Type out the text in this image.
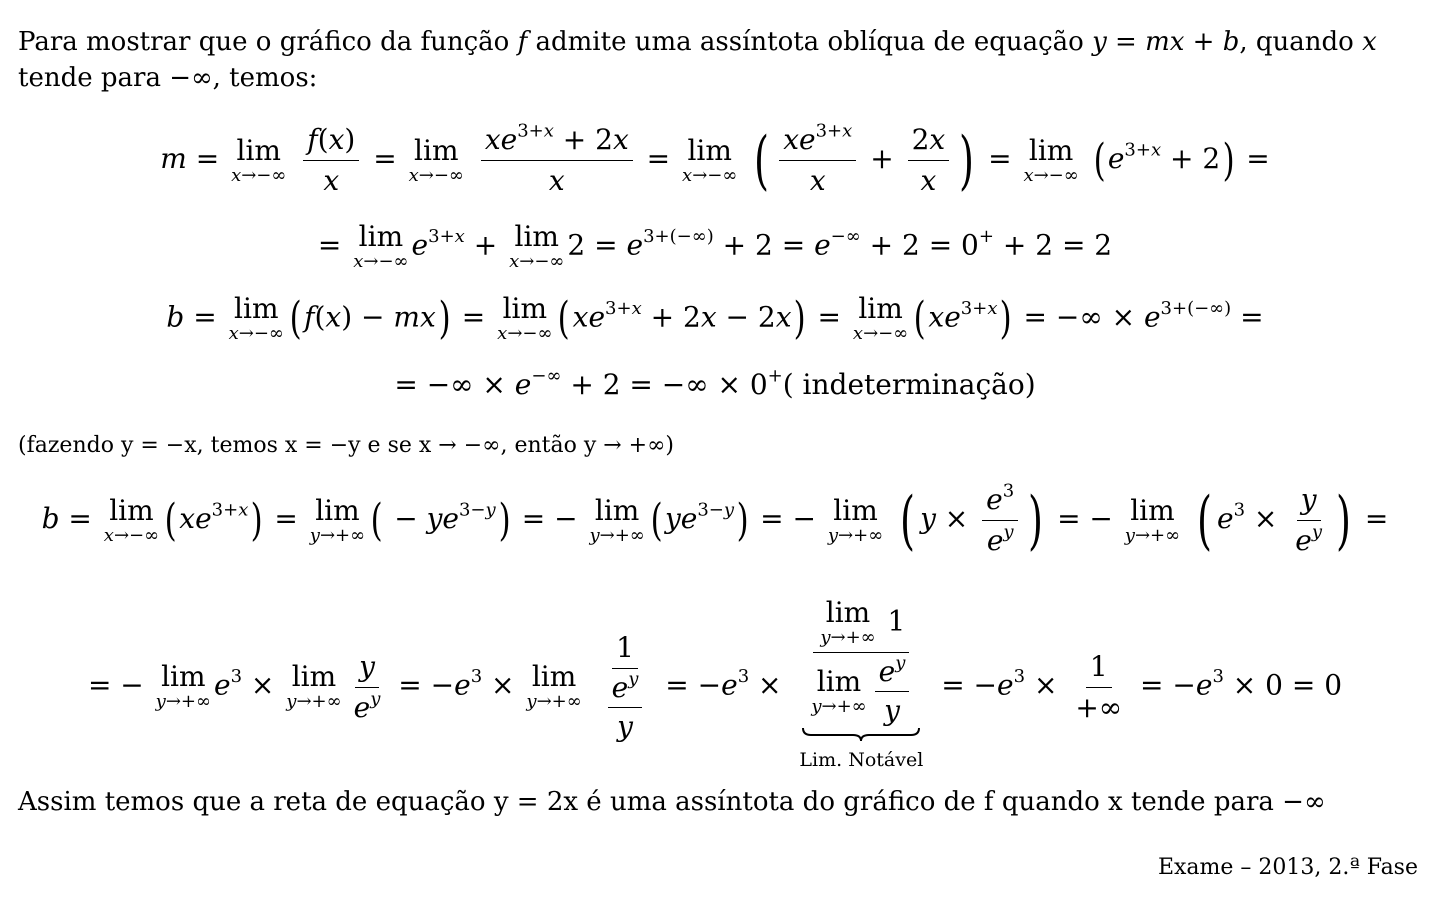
Para mostrar que o gráfico da função f admite uma assíntota oblíqua de equação y = mx + b, quando x
tende para −∞, temos:
m = lim
x→−∞
$\frac{f(x)}{x} = \lim$
x→−∞
$\frac{xe^{3+x} + 2x}{x} = \lim$
x→−∞ ( $\frac{xe^{3+x}}{x} + \frac{2x}{x}$ ) = lim
x→−∞ $(e^{3+x} + 2)$ =
= lim
x→−∞ $e^{3+x} + \lim$
x→−∞ $2 = e^{3+(-\infty)} + 2 = e^{-\infty} + 2 = 0^+ + 2 = 2$
b = lim
x→−∞ (f(x) − mx) = lim
x→−∞ $(xe^{3+x} + 2x - 2x) = \lim$
x→−∞ $(xe^{3+x})$ = −∞ × $e^{3+(-\infty)}$ =
= −∞ × e−∞ + 2 = −∞ × 0+( indeterminação)
(fazendo y = −x, temos x = −y e se x → −∞, então y → +∞)
b = lim
x→−∞ $(xe^{3+x}) = \lim$
y→+∞ ( − $ye^{3-y}$) = − lim
y→+∞ $(ye^{3-y})$ = − lim
y→+∞ ( $y \times \frac{e^3}{e^y}$ ) = − lim
y→+∞ ( $e^3 \times \frac{y}{e^y}$ ) =
= − lim
y→+∞ $e^3 \times \lim$
$y\to+\infty \frac{y}{e^y} = -e^3 \times \lim$
y→+∞
$\frac{1}{\frac{e^y}{y}} = -e^3 \times \lim$
y→+∞ 1
lim
$y\to+\infty \frac{e^y}{y}$
Lim. Notável = $-e^3 \times \frac{1}{+\infty} = -e^3 \times 0 = 0$
Assim temos que a reta de equação y = 2x é uma assíntota do gráfico de f quando x tende para −∞
Exame – 2013, 2.ª Fase
